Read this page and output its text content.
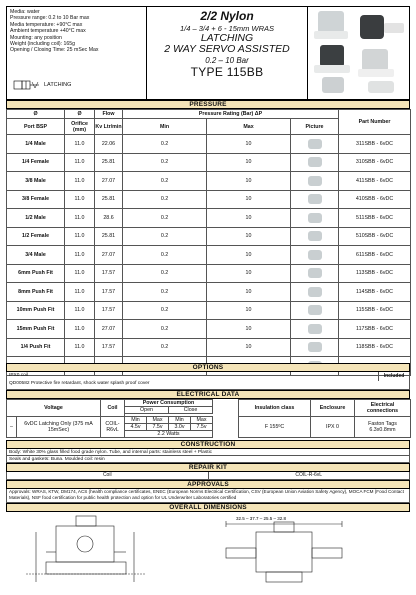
Media: water
Pressure range: 0.2 to 10 Bar max
Media temperature: +90°C max
Ambient temperature +40°C max
Mounting: any position
Weight (including coil): 165g
Opening / Closing Time: 25 mSec Max
LATCHING
2/2 Nylon
1/4 – 3/4 + 6 - 15mm WRAS
LATCHING
2 WAY SERVO ASSISTED
0.2 – 10 Bar
TYPE 115BB
PRESSURE
Ø	Ø	Flow	Pressure Rating (Bar) ΔP			Part Number
Port BSP	Orifice (mm)	Kv Ltr/min	Min	Max	Picture	
1/4 Male	11.0	22.06	0.2	10		311SBB - 6vDC
1/4 Female	11.0	25.81	0.2	10		310SBB - 6vDC
3/8 Male	11.0	27.07	0.2	10		411SBB - 6vDC
3/8 Female	11.0	25.81	0.2	10		410SBB - 6vDC
1/2 Male	11.0	28.6	0.2	10		511SBB - 6vDC
1/2 Female	11.0	25.81	0.2	10		510SBB - 6vDC
3/4 Male	11.0	27.07	0.2	10		611SBB - 6vDC
6mm Push Fit	11.0	17.57	0.2	10		113SBB - 6vDC
8mm Push Fit	11.0	17.57	0.2	10		114SBB - 6vDC
10mm Push Fit	11.0	17.57	0.2	10		115SBB - 6vDC
15mm Push Fit	11.0	27.07	0.2	10		117SBB - 6vDC
1/4 Push Fit	11.0	17.57	0.2	10		118SBB - 6vDC

OPTIONS
IPX0 coil
QD00582 Protective fire retardant, shock water splash proof cover
Included
ELECTRICAL DATA
Voltage		Coil	Power Consumption					Insulation class	Enclosure	Electrical connections
			Open		Close					

–	6vDC Latching Only (375 mA 15mSec)	COIL-R6vL	Min	Max	Min	Max		F 155ºC	IPX 0	Faston Tags 6.3x0.8mm
			4.5v	7.5v	3.0v	7.5v				
			2.2 Watts							
CONSTRUCTION
Body: White 30% glass filled food grade nylon. Tube, and internal parts: stainless steel + Plastic
Seals and gaskets: Buna. Moulded coil: resin
REPAIR KIT
Coil	COIL-R-6vL
APPROVALS
Approvals: WRAS, KTW, DM174, ACS (health compliance certificates, ENEC (European Norms Electrical Certification, CSV (European Union Aviation Safety Agency), MOCA FCM (Food Contact Materials), NSF food certification for public health protection and option for UL Underwriter Laboratories certified
OVERALL DIMENSIONS
32.5 – 37.7 – 25.5 – 32.8
